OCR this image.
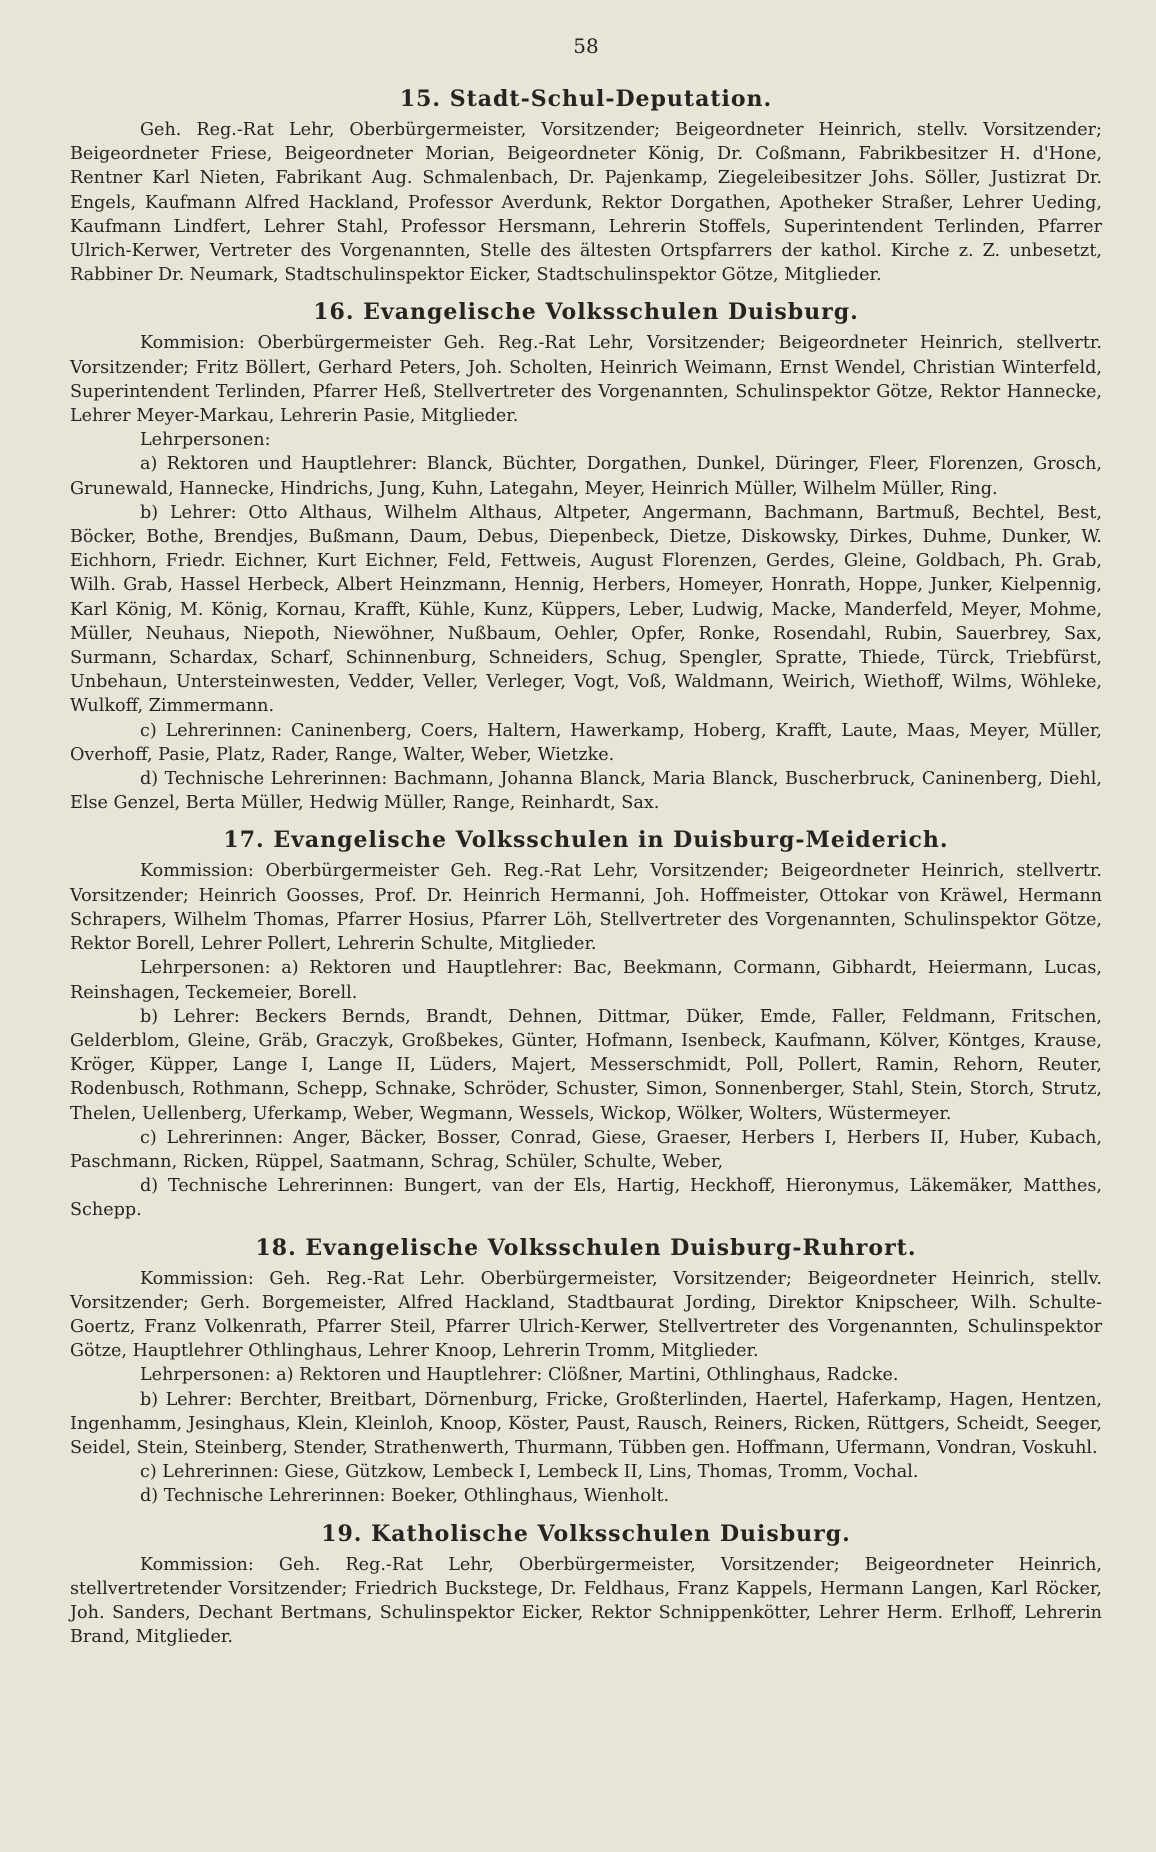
58
15. Stadt-Schul-Deputation.

Geh. Reg.-Rat Lehr, Oberbürgermeister, Vorsitzender; Beigeordneter Heinrich, stellv. Vorsitzender; Beigeordneter Friese, Beigeordneter Morian, Beigeordneter König, Dr. Coßmann, Fabrikbesitzer H. d'Hone, Rentner Karl Nieten, Fabrikant Aug. Schmalenbach, Dr. Pajenkamp, Ziegeleibesitzer Johs. Söller, Justizrat Dr. Engels, Kaufmann Alfred Hackland, Professor Averdunk, Rektor Dorgathen, Apotheker Straßer, Lehrer Ueding, Kaufmann Lindfert, Lehrer Stahl, Professor Hersmann, Lehrerin Stoffels, Superintendent Terlinden, Pfarrer Ulrich-Kerwer, Vertreter des Vorgenannten, Stelle des ältesten Ortspfarrers der kathol. Kirche z. Z. unbesetzt, Rabbiner Dr. Neumark, Stadtschulinspektor Eicker, Stadtschulinspektor Götze, Mitglieder.

16. Evangelische Volksschulen Duisburg.

Kommision: Oberbürgermeister Geh. Reg.-Rat Lehr, Vorsitzender; Beigeordneter Heinrich, stellvertr. Vorsitzender; Fritz Böllert, Gerhard Peters, Joh. Scholten, Heinrich Weimann, Ernst Wendel, Christian Winterfeld, Superintendent Terlinden, Pfarrer Heß, Stellvertreter des Vorgenannten, Schulinspektor Götze, Rektor Hannecke, Lehrer Meyer-Markau, Lehrerin Pasie, Mitglieder.

Lehrpersonen:

a) Rektoren und Hauptlehrer: Blanck, Büchter, Dorgathen, Dunkel, Düringer, Fleer, Florenzen, Grosch, Grunewald, Hannecke, Hindrichs, Jung, Kuhn, Lategahn, Meyer, Heinrich Müller, Wilhelm Müller, Ring.

b) Lehrer: Otto Althaus, Wilhelm Althaus, Altpeter, Angermann, Bachmann, Bartmuß, Bechtel, Best, Böcker, Bothe, Brendjes, Bußmann, Daum, Debus, Diepenbeck, Dietze, Diskowsky, Dirkes, Duhme, Dunker, W. Eichhorn, Friedr. Eichner, Kurt Eichner, Feld, Fettweis, August Florenzen, Gerdes, Gleine, Goldbach, Ph. Grab, Wilh. Grab, Hassel Herbeck, Albert Heinzmann, Hennig, Herbers, Homeyer, Honrath, Hoppe, Junker, Kielpennig, Karl König, M. König, Kornau, Krafft, Kühle, Kunz, Küppers, Leber, Ludwig, Macke, Manderfeld, Meyer, Mohme, Müller, Neuhaus, Niepoth, Niewöhner, Nußbaum, Oehler, Opfer, Ronke, Rosendahl, Rubin, Sauerbrey, Sax, Surmann, Schardax, Scharf, Schinnenburg, Schneiders, Schug, Spengler, Spratte, Thiede, Türck, Triebfürst, Unbehaun, Untersteinwesten, Vedder, Veller, Verleger, Vogt, Voß, Waldmann, Weirich, Wiethoff, Wilms, Wöhleke, Wulkoff, Zimmermann.

c) Lehrerinnen: Caninenberg, Coers, Haltern, Hawerkamp, Hoberg, Krafft, Laute, Maas, Meyer, Müller, Overhoff, Pasie, Platz, Rader, Range, Walter, Weber, Wietzke.

d) Technische Lehrerinnen: Bachmann, Johanna Blanck, Maria Blanck, Buscherbruck, Caninenberg, Diehl, Else Genzel, Berta Müller, Hedwig Müller, Range, Reinhardt, Sax.

17. Evangelische Volksschulen in Duisburg-Meiderich.

Kommission: Oberbürgermeister Geh. Reg.-Rat Lehr, Vorsitzender; Beigeordneter Heinrich, stellvertr. Vorsitzender; Heinrich Goosses, Prof. Dr. Heinrich Hermanni, Joh. Hoffmeister, Ottokar von Kräwel, Hermann Schrapers, Wilhelm Thomas, Pfarrer Hosius, Pfarrer Löh, Stellvertreter des Vorgenannten, Schulinspektor Götze, Rektor Borell, Lehrer Pollert, Lehrerin Schulte, Mitglieder.

Lehrpersonen: a) Rektoren und Hauptlehrer: Bac, Beekmann, Cormann, Gibhardt, Heiermann, Lucas, Reinshagen, Teckemeier, Borell.

b) Lehrer: Beckers Bernds, Brandt, Dehnen, Dittmar, Düker, Emde, Faller, Feldmann, Fritschen, Gelderblom, Gleine, Gräb, Graczyk, Großbekes, Günter, Hofmann, Isenbeck, Kaufmann, Kölver, Köntges, Krause, Kröger, Küpper, Lange I, Lange II, Lüders, Majert, Messerschmidt, Poll, Pollert, Ramin, Rehorn, Reuter, Rodenbusch, Rothmann, Schepp, Schnake, Schröder, Schuster, Simon, Sonnenberger, Stahl, Stein, Storch, Strutz, Thelen, Uellenberg, Uferkamp, Weber, Wegmann, Wessels, Wickop, Wölker, Wolters, Wüstermeyer.

c) Lehrerinnen: Anger, Bäcker, Bosser, Conrad, Giese, Graeser, Herbers I, Herbers II, Huber, Kubach, Paschmann, Ricken, Rüppel, Saatmann, Schrag, Schüler, Schulte, Weber,

d) Technische Lehrerinnen: Bungert, van der Els, Hartig, Heckhoff, Hieronymus, Läkemäker, Matthes, Schepp.

18. Evangelische Volksschulen Duisburg-Ruhrort.

Kommission: Geh. Reg.-Rat Lehr. Oberbürgermeister, Vorsitzender; Beigeordneter Heinrich, stellv. Vorsitzender; Gerh. Borgemeister, Alfred Hackland, Stadtbaurat Jording, Direktor Knipscheer, Wilh. Schulte-Goertz, Franz Volkenrath, Pfarrer Steil, Pfarrer Ulrich-Kerwer, Stellvertreter des Vorgenannten, Schulinspektor Götze, Hauptlehrer Othlinghaus, Lehrer Knoop, Lehrerin Tromm, Mitglieder.

Lehrpersonen: a) Rektoren und Hauptlehrer: Clößner, Martini, Othlinghaus, Radcke.

b) Lehrer: Berchter, Breitbart, Dörnenburg, Fricke, Großterlinden, Haertel, Haferkamp, Hagen, Hentzen, Ingenhamm, Jesinghaus, Klein, Kleinloh, Knoop, Köster, Paust, Rausch, Reiners, Ricken, Rüttgers, Scheidt, Seeger, Seidel, Stein, Steinberg, Stender, Strathenwerth, Thurmann, Tübben gen. Hoffmann, Ufermann, Vondran, Voskuhl.

c) Lehrerinnen: Giese, Gützkow, Lembeck I, Lembeck II, Lins, Thomas, Tromm, Vochal.

d) Technische Lehrerinnen: Boeker, Othlinghaus, Wienholt.

19. Katholische Volksschulen Duisburg.

Kommission: Geh. Reg.-Rat Lehr, Oberbürgermeister, Vorsitzender; Beigeordneter Heinrich, stellvertretender Vorsitzender; Friedrich Buckstege, Dr. Feldhaus, Franz Kappels, Hermann Langen, Karl Röcker, Joh. Sanders, Dechant Bertmans, Schulinspektor Eicker, Rektor Schnippenkötter, Lehrer Herm. Erlhoff, Lehrerin Brand, Mitglieder.
